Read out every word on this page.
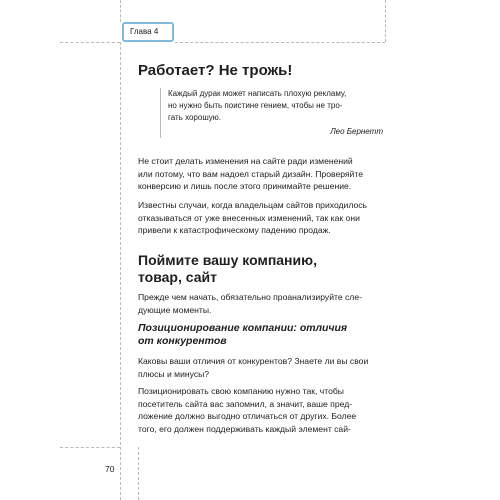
Глава 4
Работает? Не трожь!

Каждый дурак может написать плохую рекламу,

но нужно быть поистине гением, чтобы не тро-

гать хорошую.

Лео Бернетт

Не стоит делать изменения на сайте ради изменений
или потому, что вам надоел старый дизайн. Проверяйте
конверсию и лишь после этого принимайте решение.
Известны случаи, когда владельцам сайтов приходилось
отказываться от уже внесенных изменений, так как они
привели к катастрофическому падению продаж.
Поймите вашу компанию,
товар, сайт
Прежде чем начать, обязательно проанализируйте сле-
дующие моменты.
Позиционирование компании: отличия
от конкурентов
Каковы ваши отличия от конкурентов? Знаете ли вы свои
плюсы и минусы?
Позиционировать свою компанию нужно так, чтобы
посетитель сайта вас запомнил, а значит, ваше пред-
ложение должно выгодно отличаться от других. Более
того, его должен поддерживать каждый элемент сай-
70
